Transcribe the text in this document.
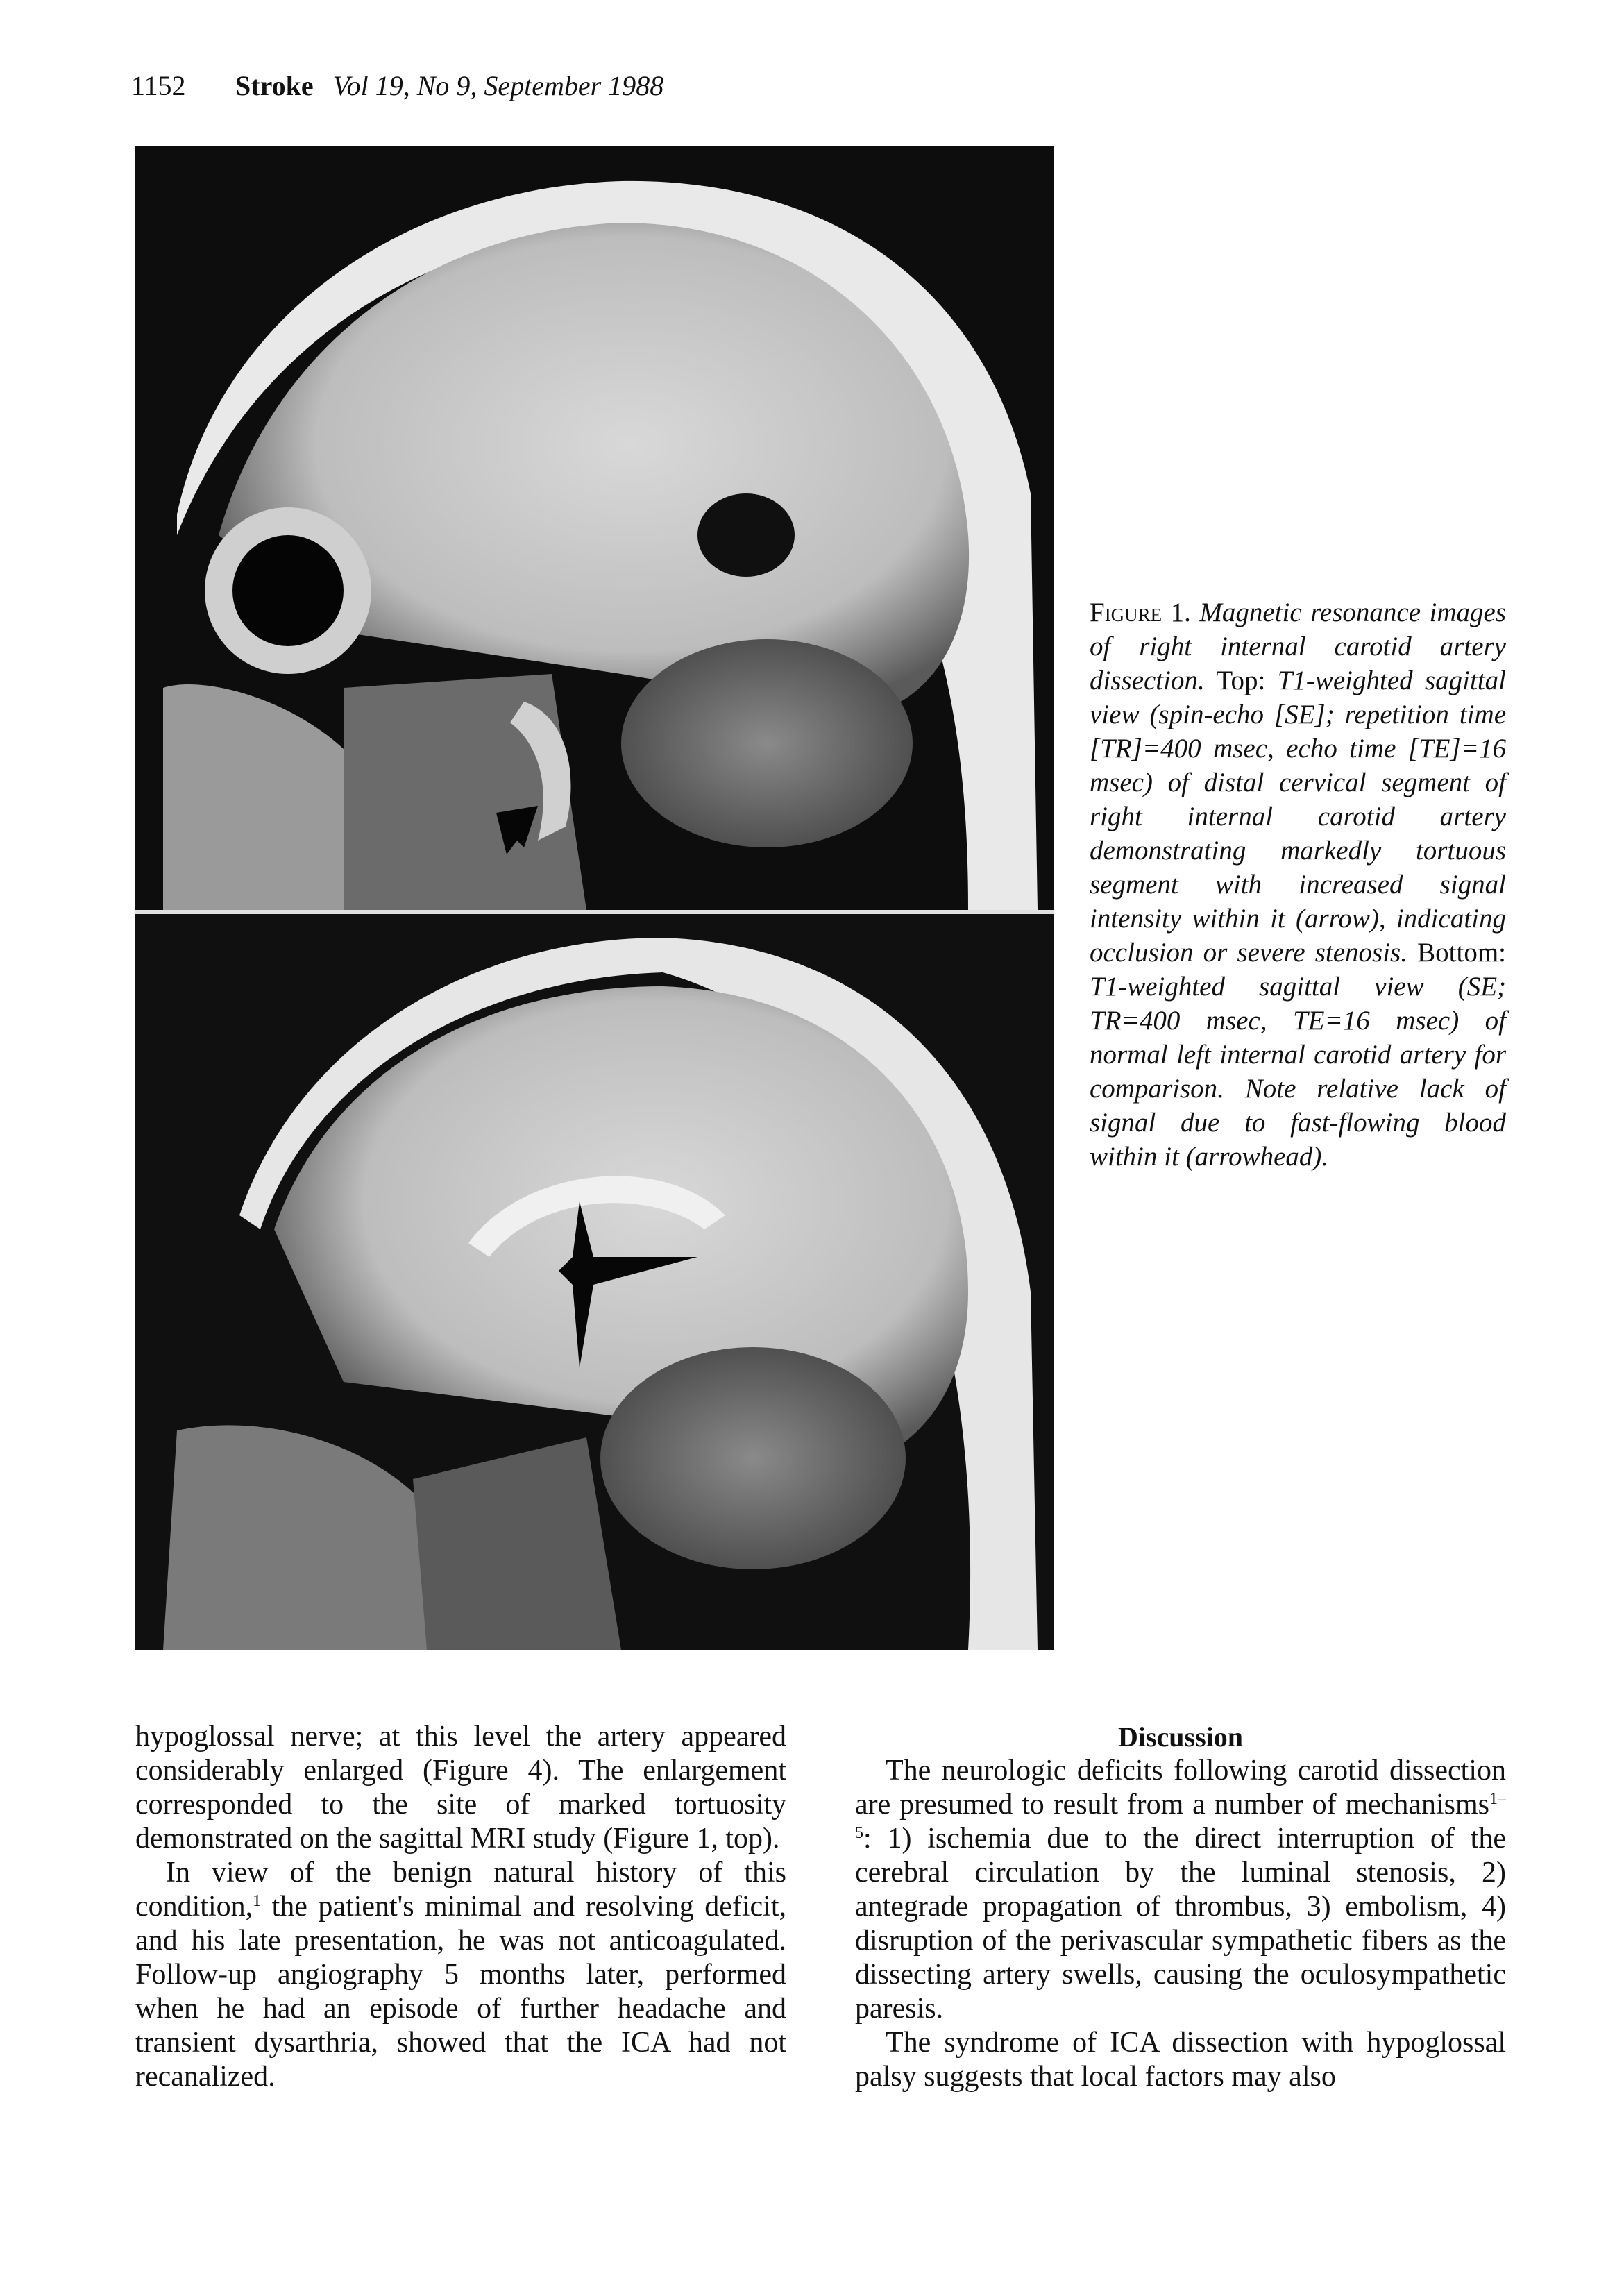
1152 Stroke Vol 19, No 9, September 1988
Figure 1. Magnetic resonance images of right internal carotid artery dissection. Top: T1-weighted sagittal view (spin-echo [SE]; repetition time [TR]=400 msec, echo time [TE]=16 msec) of distal cervical segment of right internal carotid artery demonstrating markedly tortuous segment with increased signal intensity within it (arrow), indicating occlusion or severe stenosis. Bottom: T1-weighted sagittal view (SE; TR=400 msec, TE=16 msec) of normal left internal carotid artery for comparison. Note relative lack of signal due to fast-flowing blood within it (arrowhead).

hypoglossal nerve; at this level the artery appeared considerably enlarged (Figure 4). The enlargement corresponded to the site of marked tortuosity demonstrated on the sagittal MRI study (Figure 1, top).

In view of the benign natural history of this condition,$^1$ the patient's minimal and resolving deficit, and his late presentation, he was not anticoagulated. Follow-up angiography 5 months later, performed when he had an episode of further headache and transient dysarthria, showed that the ICA had not recanalized.

Discussion

The neurologic deficits following carotid dissection are presumed to result from a number of mechanisms$^{1-5}$: 1) ischemia due to the direct interruption of the cerebral circulation by the luminal stenosis, 2) antegrade propagation of thrombus, 3) embolism, 4) disruption of the perivascular sympathetic fibers as the dissecting artery swells, causing the oculosympathetic paresis.

The syndrome of ICA dissection with hypoglossal palsy suggests that local factors may also
